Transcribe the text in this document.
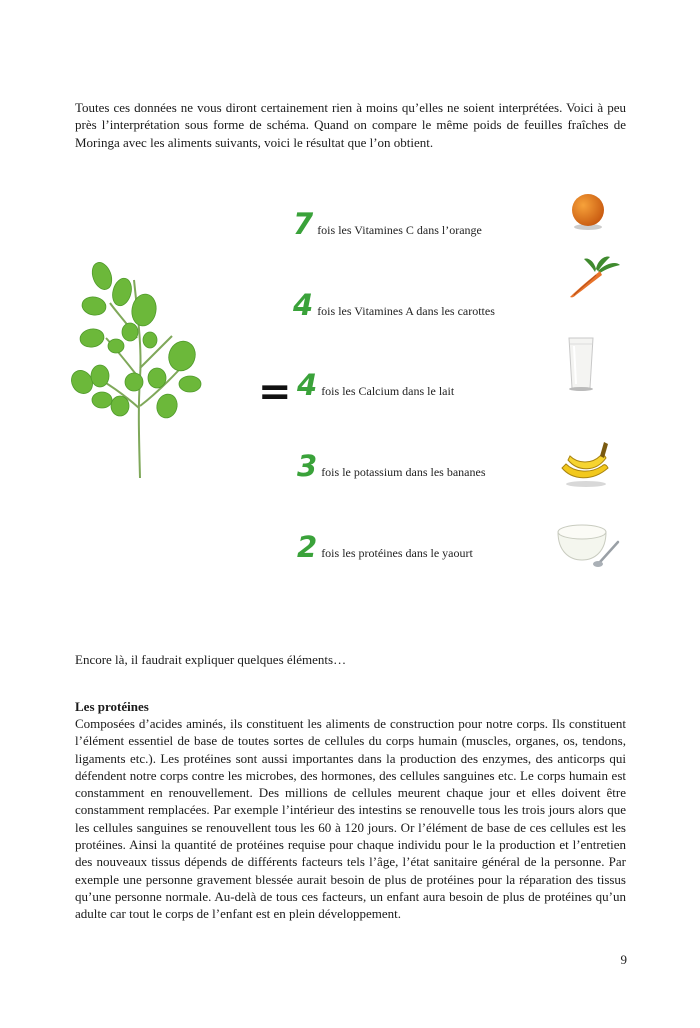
Toutes ces données ne vous diront certainement rien à moins qu’elles ne soient interprétées. Voici à peu près l’interprétation sous forme de schéma. Quand on compare le même poids de feuilles fraîches de Moringa avec les aliments suivants, voici le résultat que l’on obtient.

=
7 fois les Vitamines C dans l’orange
4 fois les Vitamines A dans les carottes
4 fois les Calcium dans le lait
3 fois le potassium dans les bananes
2 fois les protéines dans le yaourt

Encore là, il faudrait expliquer quelques éléments…

Les protéines

Composées d’acides aminés, ils constituent les aliments de construction pour notre corps. Ils constituent l’élément essentiel de base de toutes sortes de cellules du corps humain (muscles, organes, os, tendons, ligaments etc.). Les protéines sont aussi importantes dans la production des enzymes, des anticorps qui défendent notre corps contre les microbes, des hormones, des cellules sanguines etc. Le corps humain est constamment en renouvellement. Des millions de cellules meurent chaque jour et elles doivent être constamment remplacées. Par exemple l’intérieur des intestins se renouvelle tous les trois jours alors que les cellules sanguines se renouvellent tous les 60 à 120 jours. Or l’élément de base de ces cellules est les protéines. Ainsi la quantité de protéines requise pour chaque individu pour le la production et l’entretien des nouveaux tissus dépends de différents facteurs tels l’âge, l’état sanitaire général de la personne. Par exemple une personne gravement blessée aurait besoin de plus de protéines pour la réparation des tissus qu’une personne normale. Au-delà de tous ces facteurs, un enfant aura besoin de plus de protéines qu’un adulte car tout le corps de l’enfant est en plein développement.

9
